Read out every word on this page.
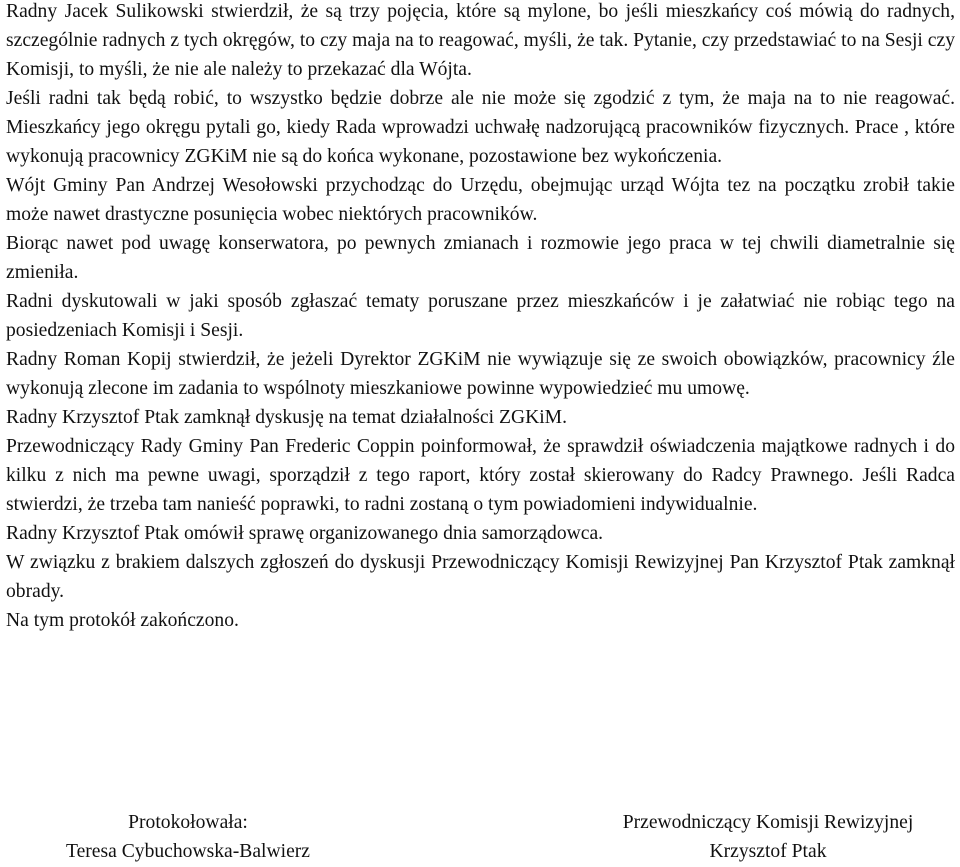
Radny Jacek Sulikowski stwierdził, że są trzy pojęcia, które są mylone, bo jeśli mieszkańcy coś mówią do radnych, szczególnie radnych z tych okręgów, to czy maja na to reagować, myśli, że tak. Pytanie, czy przedstawiać to na Sesji czy Komisji, to myśli, że nie ale należy to przekazać dla Wójta.

Jeśli radni tak będą robić, to wszystko będzie dobrze ale nie może się zgodzić z tym, że maja na to nie reagować. Mieszkańcy jego okręgu pytali go, kiedy Rada wprowadzi uchwałę nadzorującą pracowników fizycznych. Prace , które wykonują pracownicy ZGKiM nie są do końca wykonane, pozostawione bez wykończenia.

Wójt Gminy Pan Andrzej Wesołowski przychodząc do Urzędu, obejmując urząd Wójta tez na początku zrobił takie może nawet drastyczne posunięcia wobec niektórych pracowników.

Biorąc nawet pod uwagę konserwatora, po pewnych zmianach i rozmowie jego praca w tej chwili diametralnie się zmieniła.

Radni dyskutowali w jaki sposób zgłaszać tematy poruszane przez mieszkańców i je załatwiać nie robiąc tego na posiedzeniach Komisji i Sesji.

Radny Roman Kopij stwierdził, że jeżeli Dyrektor ZGKiM nie wywiązuje się ze swoich obowiązków, pracownicy źle wykonują zlecone im zadania to wspólnoty mieszkaniowe powinne wypowiedzieć mu umowę.

Radny Krzysztof Ptak zamknął dyskusję na temat działalności ZGKiM.

Przewodniczący Rady Gminy Pan Frederic Coppin poinformował, że sprawdził oświadczenia majątkowe radnych i do kilku z nich ma pewne uwagi, sporządził z tego raport, który został skierowany do Radcy Prawnego. Jeśli Radca stwierdzi, że trzeba tam nanieść poprawki, to radni zostaną o tym powiadomieni indywidualnie.

Radny Krzysztof Ptak omówił sprawę organizowanego dnia samorządowca.

W związku z brakiem dalszych zgłoszeń do dyskusji Przewodniczący Komisji Rewizyjnej Pan Krzysztof Ptak zamknął obrady.

Na tym protokół zakończono.

Protokołowała:
Teresa Cybuchowska-Balwierz
Przewodniczący Komisji Rewizyjnej
Krzysztof Ptak
